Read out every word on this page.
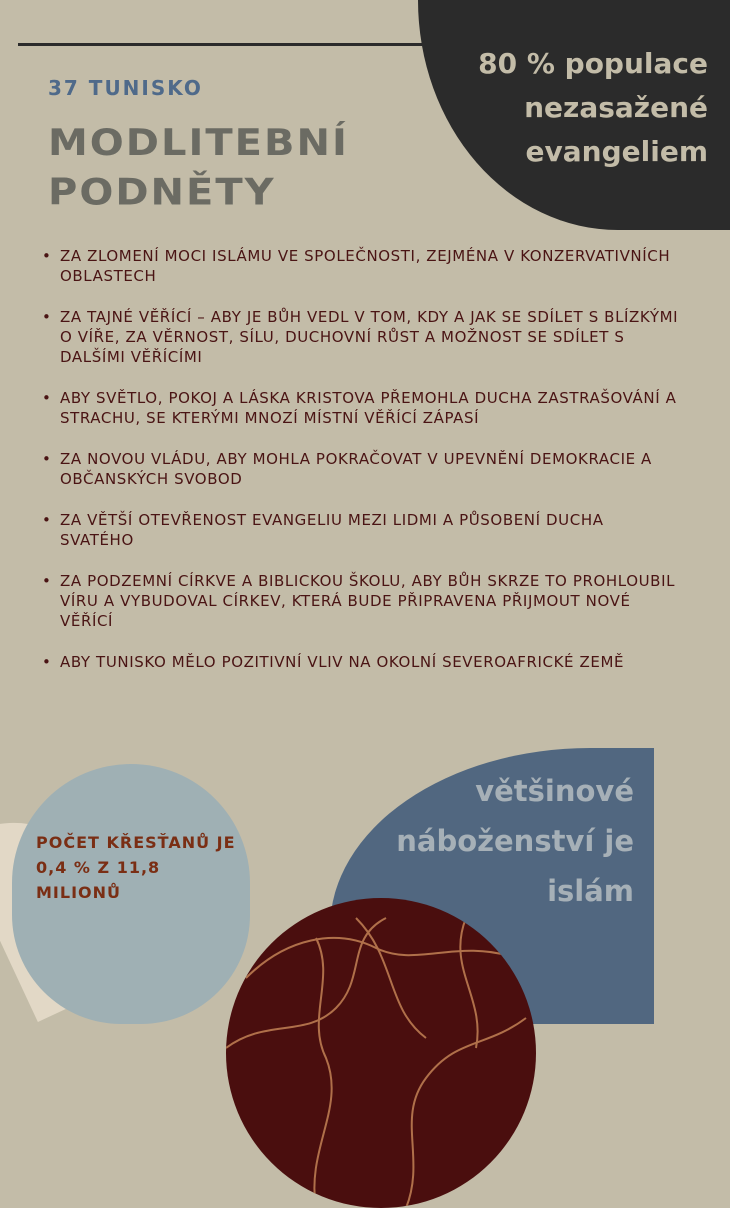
80 % populace nezasažené evangeliem
37 TUNISKO
MODLITEBNÍ PODNĚTY
• ZA ZLOMENÍ MOCI ISLÁMU VE SPOLEČNOSTI, ZEJMÉNA V KONZERVATIVNÍCH OBLASTECH
• ZA TAJNÉ VĚŘÍCÍ – ABY JE BŮH VEDL V TOM, KDY A JAK SE SDÍLET S BLÍZKÝMI O VÍŘE, ZA VĚRNOST, SÍLU, DUCHOVNÍ RŮST A MOŽNOST SE SDÍLET S DALŠÍMI VĚŘÍCÍMI
• ABY SVĚTLO, POKOJ A LÁSKA KRISTOVA PŘEMOHLA DUCHA ZASTRAŠOVÁNÍ A STRACHU, SE KTERÝMI MNOZÍ MÍSTNÍ VĚŘÍCÍ ZÁPASÍ
• ZA NOVOU VLÁDU, ABY MOHLA POKRAČOVAT V UPEVNĚNÍ DEMOKRACIE A OBČANSKÝCH SVOBOD
• ZA VĚTŠÍ OTEVŘENOST EVANGELIU MEZI LIDMI A PŮSOBENÍ DUCHA SVATÉHO
• ZA PODZEMNÍ CÍRKVE A BIBLICKOU ŠKOLU, ABY BŮH SKRZE TO PROHLOUBIL VÍRU A VYBUDOVAL CÍRKEV, KTERÁ BUDE PŘIPRAVENA PŘIJMOUT NOVÉ VĚŘÍCÍ
• ABY TUNISKO MĚLO POZITIVNÍ VLIV NA OKOLNÍ SEVEROAFRICKÉ ZEMĚ
POČET KŘESŤANŮ JE 0,4 % Z 11,8 MILIONŮ
většinové náboženství je islám
